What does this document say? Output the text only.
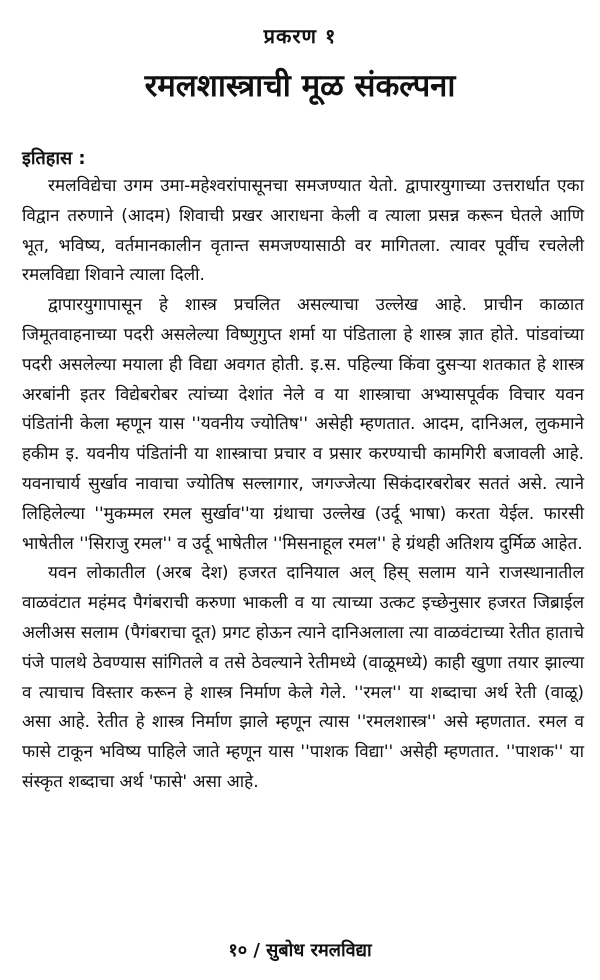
प्रकरण १
रमलशास्त्राची मूळ संकल्पना
इतिहास :

रमलविद्येचा उगम उमा-महेश्वरांपासूनचा समजण्यात येतो. द्वापारयुगाच्या उत्तरार्धात एका विद्वान तरुणाने (आदम) शिवाची प्रखर आराधना केली व त्याला प्रसन्न करून घेतले आणि भूत, भविष्य, वर्तमानकालीन वृतान्त समजण्यासाठी वर मागितला. त्यावर पूर्वीच रचलेली रमलविद्या शिवाने त्याला दिली.

द्वापारयुगापासून हे शास्त्र प्रचलित असल्याचा उल्लेख आहे. प्राचीन काळात जिमूतवाहनाच्या पदरी असलेल्या विष्णुगुप्त शर्मा या पंडिताला हे शास्त्र ज्ञात होते. पांडवांच्या पदरी असलेल्या मयाला ही विद्या अवगत होती. इ.स. पहिल्या किंवा दुसऱ्या शतकात हे शास्त्र अरबांनी इतर विद्येबरोबर त्यांच्या देशांत नेले व या शास्त्राचा अभ्यासपूर्वक विचार यवन पंडितांनी केला म्हणून यास ''यवनीय ज्योतिष'' असेही म्हणतात. आदम, दानिअल, लुकमाने हकीम इ. यवनीय पंडितांनी या शास्त्राचा प्रचार व प्रसार करण्याची कामगिरी बजावली आहे. यवनाचार्य सुर्खाव नावाचा ज्योतिष सल्लागार, जगज्जेत्या सिकंदारबरोबर सततं असे. त्याने लिहिलेल्या ''मुकम्मल रमल सुर्खाव''या ग्रंथाचा उल्लेख (उर्दू भाषा) करता येईल. फारसी भाषेतील ''सिराजु रमल'' व उर्दू भाषेतील ''मिसनाहूल रमल'' हे ग्रंथही अतिशय दुर्मिळ आहेत.

यवन लोकातील (अरब देश) हजरत दानियाल अल् हिस् सलाम याने राजस्थानातील वाळवंटात महंमद पैगंबराची करुणा भाकली व या त्याच्या उत्कट इच्छेनुसार हजरत जिब्राईल अलीअस सलाम (पैगंबराचा दूत) प्रगट होऊन त्याने दानिअलाला त्या वाळवंटाच्या रेतीत हाताचे पंजे पालथे ठेवण्यास सांगितले व तसे ठेवल्याने रेतीमध्ये (वाळूमध्ये) काही खुणा तयार झाल्या व त्याचाच विस्तार करून हे शास्त्र निर्माण केले गेले. ''रमल'' या शब्दाचा अर्थ रेती (वाळू) असा आहे. रेतीत हे शास्त्र निर्माण झाले म्हणून त्यास ''रमलशास्त्र'' असे म्हणतात. रमल व फासे टाकून भविष्य पाहिले जाते म्हणून यास ''पाशक विद्या'' असेही म्हणतात. ''पाशक'' या संस्कृत शब्दाचा अर्थ 'फासे' असा आहे.

१० / सुबोध रमलविद्या
